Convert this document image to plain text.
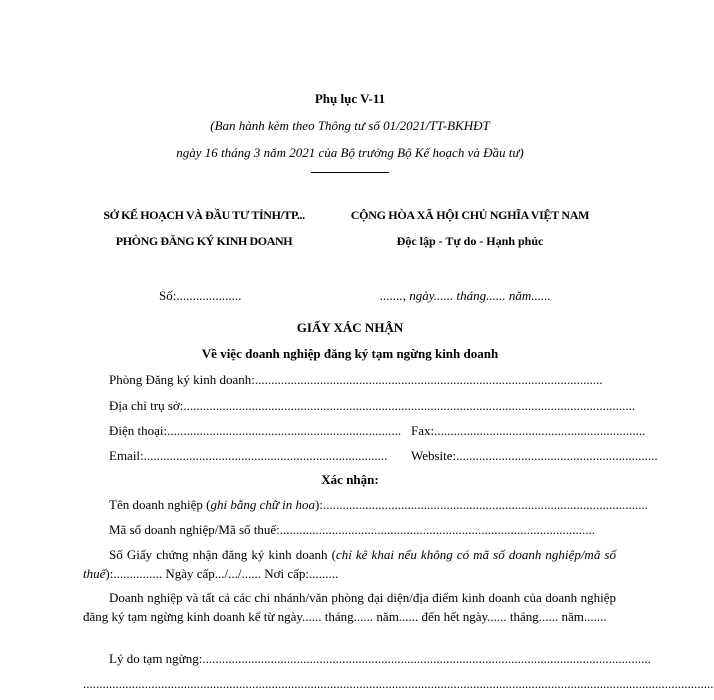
Phụ lục V-11
(Ban hành kèm theo Thông tư số 01/2021/TT-BKHĐT
ngày 16 tháng 3 năm 2021 của Bộ trưởng Bộ Kế hoạch và Đầu tư)
SỞ KẾ HOẠCH VÀ ĐẦU TƯ TỈNH/TP...
PHÒNG ĐĂNG KÝ KINH DOANH
CỘNG HÒA XÃ HỘI CHỦ NGHĨA VIỆT NAM
Độc lập - Tự do - Hạnh phúc
Số:....................	......., ngày...... tháng...... năm......
GIẤY XÁC NHẬN
Về việc doanh nghiệp đăng ký tạm ngừng kinh doanh
Phòng Đăng ký kinh doanh:...........................................................................................................
Địa chỉ trụ sở:...........................................................................................................................................
Điện thoại:........................................................................ Fax:.................................................................
Email:...........................................................................	Website:..............................................................
Xác nhận:
Tên doanh nghiệp (ghi bằng chữ in hoa):....................................................................................................
Mã số doanh nghiệp/Mã số thuế:.................................................................................................
Số Giấy chứng nhận đăng ký kinh doanh (chỉ kê khai nếu không có mã số doanh nghiệp/mã số thuế):............... Ngày cấp.../.../...... Nơi cấp:.........
Doanh nghiệp và tất cả các chi nhánh/văn phòng đại diện/địa điểm kinh doanh của doanh nghiệp đăng ký tạm ngừng kinh doanh kể từ ngày...... tháng...... năm...... đến hết ngày...... tháng...... năm.......
Lý do tạm ngừng:..........................................................................................................................................
..................................................................................................................................................................................................
